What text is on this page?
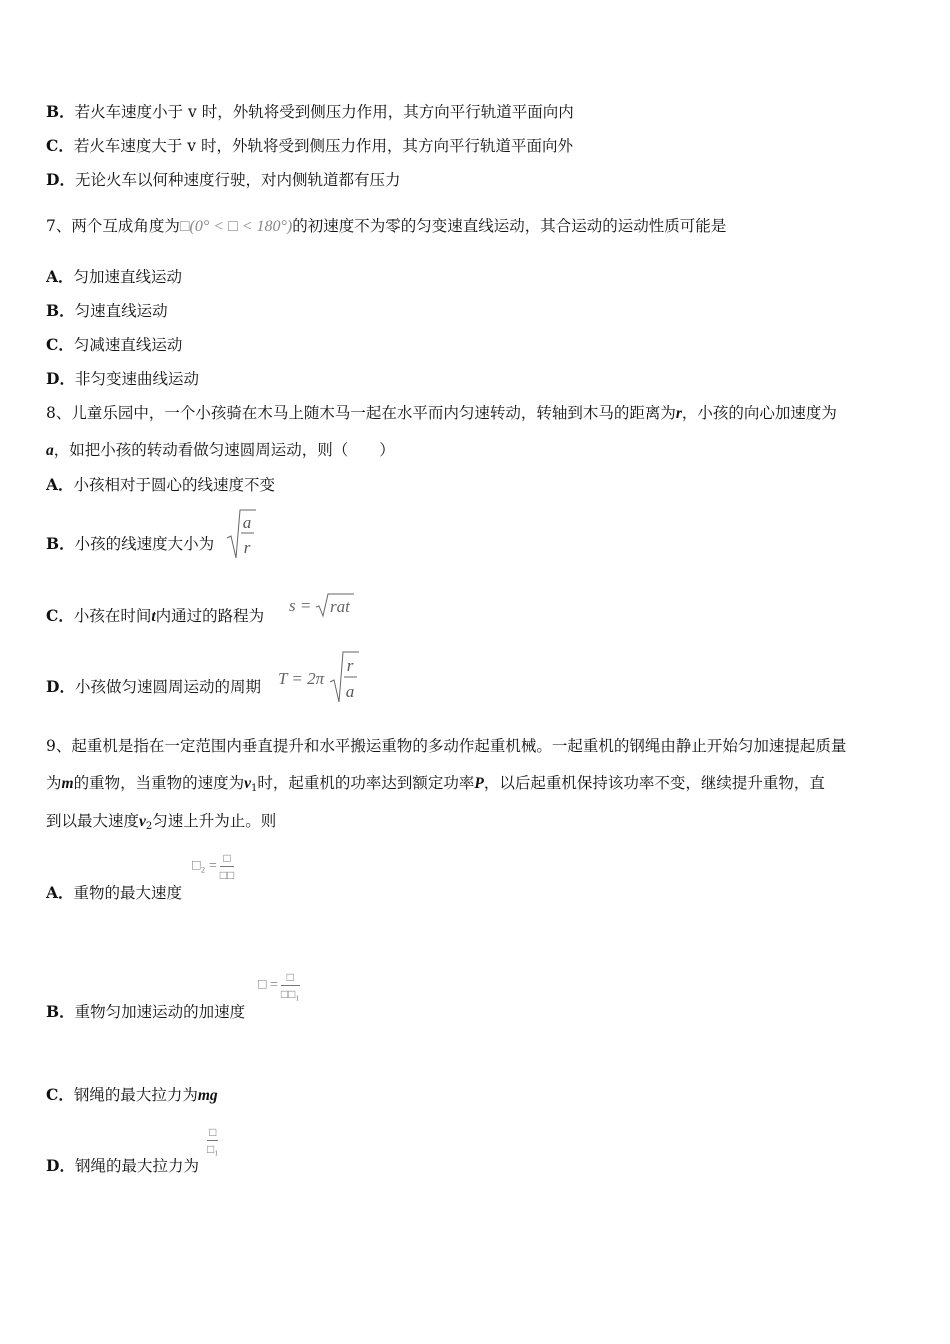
B．若火车速度小于 v 时，外轨将受到侧压力作用，其方向平行轨道平面向内
C．若火车速度大于 v 时，外轨将受到侧压力作用，其方向平行轨道平面向外
D．无论火车以何种速度行驶，对内侧轨道都有压力
7、两个互成角度为□(0° < □ < 180°)的初速度不为零的匀变速直线运动，其合运动的运动性质可能是
A．匀加速直线运动
B．匀速直线运动
C．匀减速直线运动
D．非匀变速曲线运动
8、儿童乐园中，一个小孩骑在木马上随木马一起在水平而内匀速转动，转轴到木马的距离为r，小孩的向心加速度为
a，如把小孩的转动看做匀速圆周运动，则（　　）
A．小孩相对于圆心的线速度不变
B．小孩的线速度大小为
a
r
C．小孩在时间t内通过的路程为
s = rat
D．小孩做匀速圆周运动的周期 T = 2π
r
a
9、起重机是指在一定范围内垂直提升和水平搬运重物的多动作起重机械。一起重机的钢绳由静止开始匀加速提起质量
为m的重物，当重物的速度为$v_1$时，起重机的功率达到额定功率P，以后起重机保持该功率不变，继续提升重物，直
到以最大速度$v_2$匀速上升为止。则
□₂ = $\frac{□}{□□}$
A．重物的最大速度
□ = $\frac{□}{\text{□□₁}}$
B．重物匀加速运动的加速度
C．钢绳的最大拉力为mg
$\frac{□}{\text{□₁}}$
D．钢绳的最大拉力为
